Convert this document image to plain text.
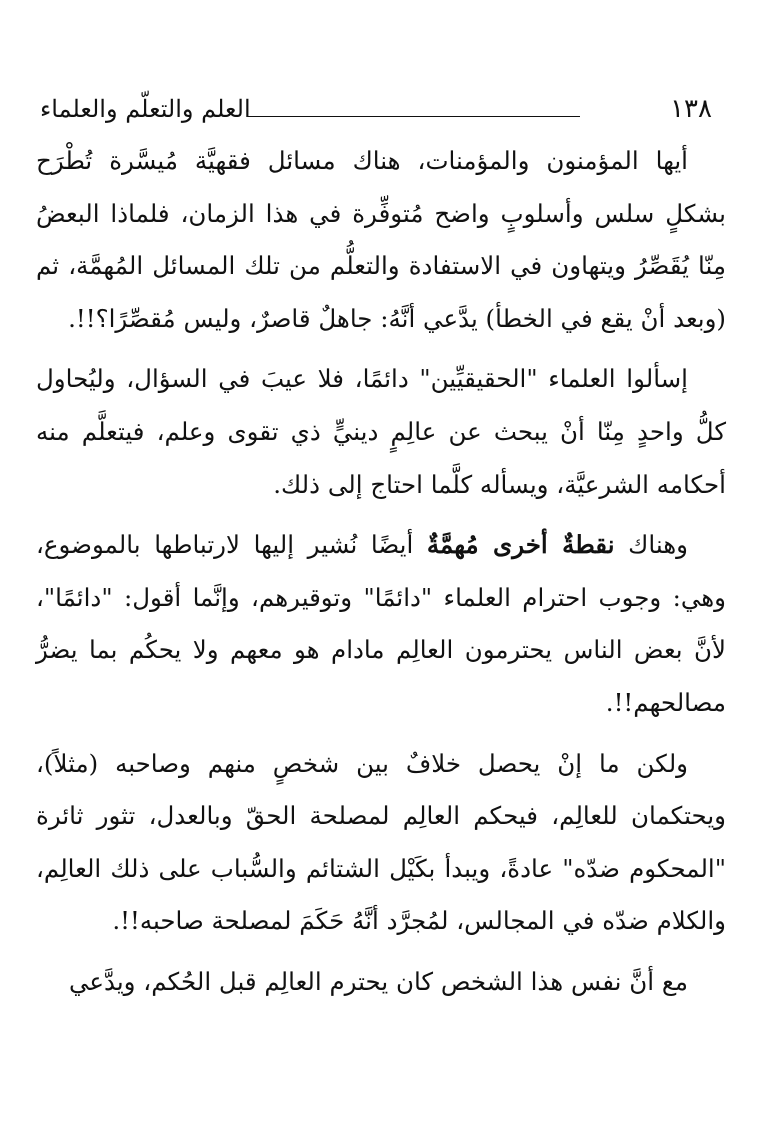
١٣٨
العلم والتعلّم والعلماء

أيها المؤمنون والمؤمنات، هناك مسائل فقهيَّة مُيسَّرة تُطْرَح بشكلٍ سلس وأسلوبٍ واضح مُتوفِّرة في هذا الزمان، فلماذا البعضُ مِنّا يُقَصِّرُ ويتهاون في الاستفادة والتعلُّم من تلك المسائل المُهمَّة، ثم (وبعد أنْ يقع في الخطأ) يدَّعي أنَّهُ: جاهلٌ قاصرٌ، وليس مُقصِّرًا؟!!.

إسألوا العلماء "الحقيقيِّين" دائمًا، فلا عيبَ في السؤال، وليُحاول كلُّ واحدٍ مِنّا أنْ يبحث عن عالِمٍ دينيٍّ ذي تقوى وعلم، فيتعلَّم منه أحكامه الشرعيَّة، ويسأله كلَّما احتاج إلى ذلك.

وهناك نقطةٌ أخرى مُهمَّةٌ أيضًا نُشير إليها لارتباطها بالموضوع، وهي: وجوب احترام العلماء "دائمًا" وتوقيرهم، وإنَّما أقول: "دائمًا"، لأنَّ بعض الناس يحترمون العالِم مادام هو معهم ولا يحكُم بما يضرُّ مصالحهم!!.

ولكن ما إنْ يحصل خلافٌ بين شخصٍ منهم وصاحبه (مثلاً)، ويحتكمان للعالِم، فيحكم العالِم لمصلحة الحقّ وبالعدل، تثور ثائرة "المحكوم ضدّه" عادةً، ويبدأ بكَيْل الشتائم والسُّباب على ذلك العالِم، والكلام ضدّه في المجالس، لمُجرَّد أنَّهُ حَكَمَ لمصلحة صاحبه!!.

مع أنَّ نفس هذا الشخص كان يحترم العالِم قبل الحُكم، ويدَّعي
